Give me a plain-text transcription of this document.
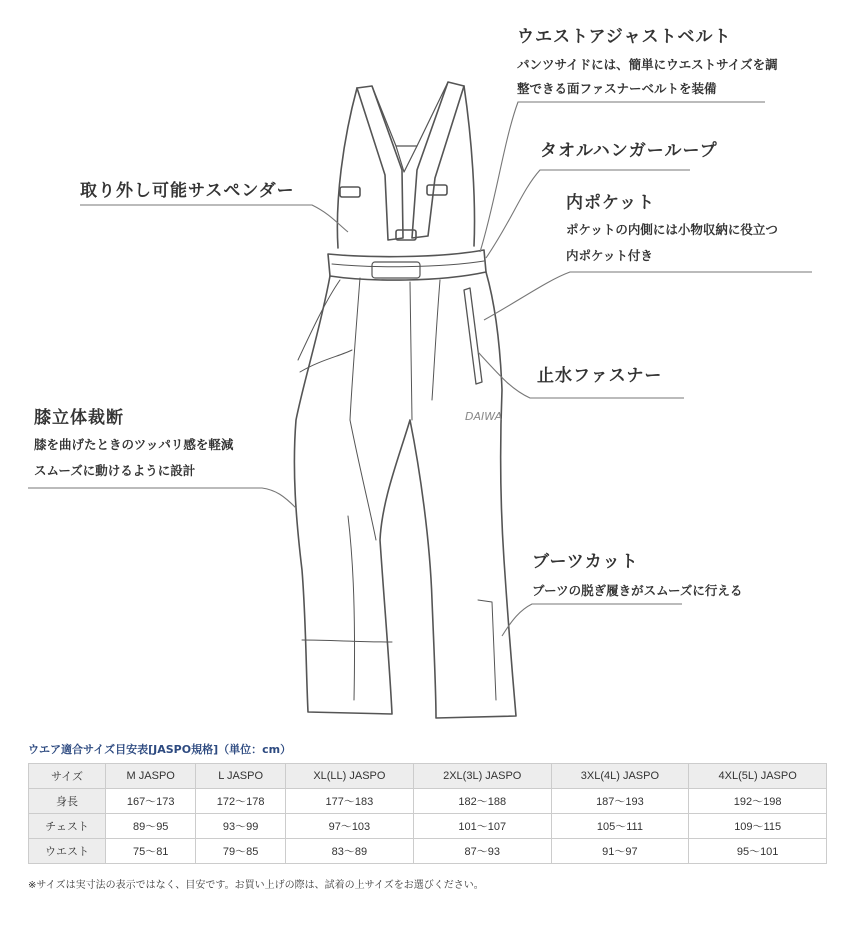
DAIWA
ウエストアジャストベルト
パンツサイドには、簡単にウエストサイズを調
整できる面ファスナーベルトを装備
タオルハンガーループ
取り外し可能サスペンダー
内ポケット
ポケットの内側には小物収納に役立つ
内ポケット付き
止水ファスナー
膝立体裁断
膝を曲げたときのツッパリ感を軽減
スムーズに動けるように設計
ブーツカット
ブーツの脱ぎ履きがスムーズに行える
ウエア適合サイズ目安表[JASPO規格]（単位：cm）
サイズ	M JASPO	L JASPO	XL(LL) JASPO	2XL(3L) JASPO	3XL(4L) JASPO	4XL(5L) JASPO
身長	167〜173	172〜178	177〜183	182〜188	187〜193	192〜198
チェスト	89〜95	93〜99	97〜103	101〜107	105〜111	109〜115
ウエスト	75〜81	79〜85	83〜89	87〜93	91〜97	95〜101
※サイズは実寸法の表示ではなく、目安です。お買い上げの際は、試着の上サイズをお選びください。
